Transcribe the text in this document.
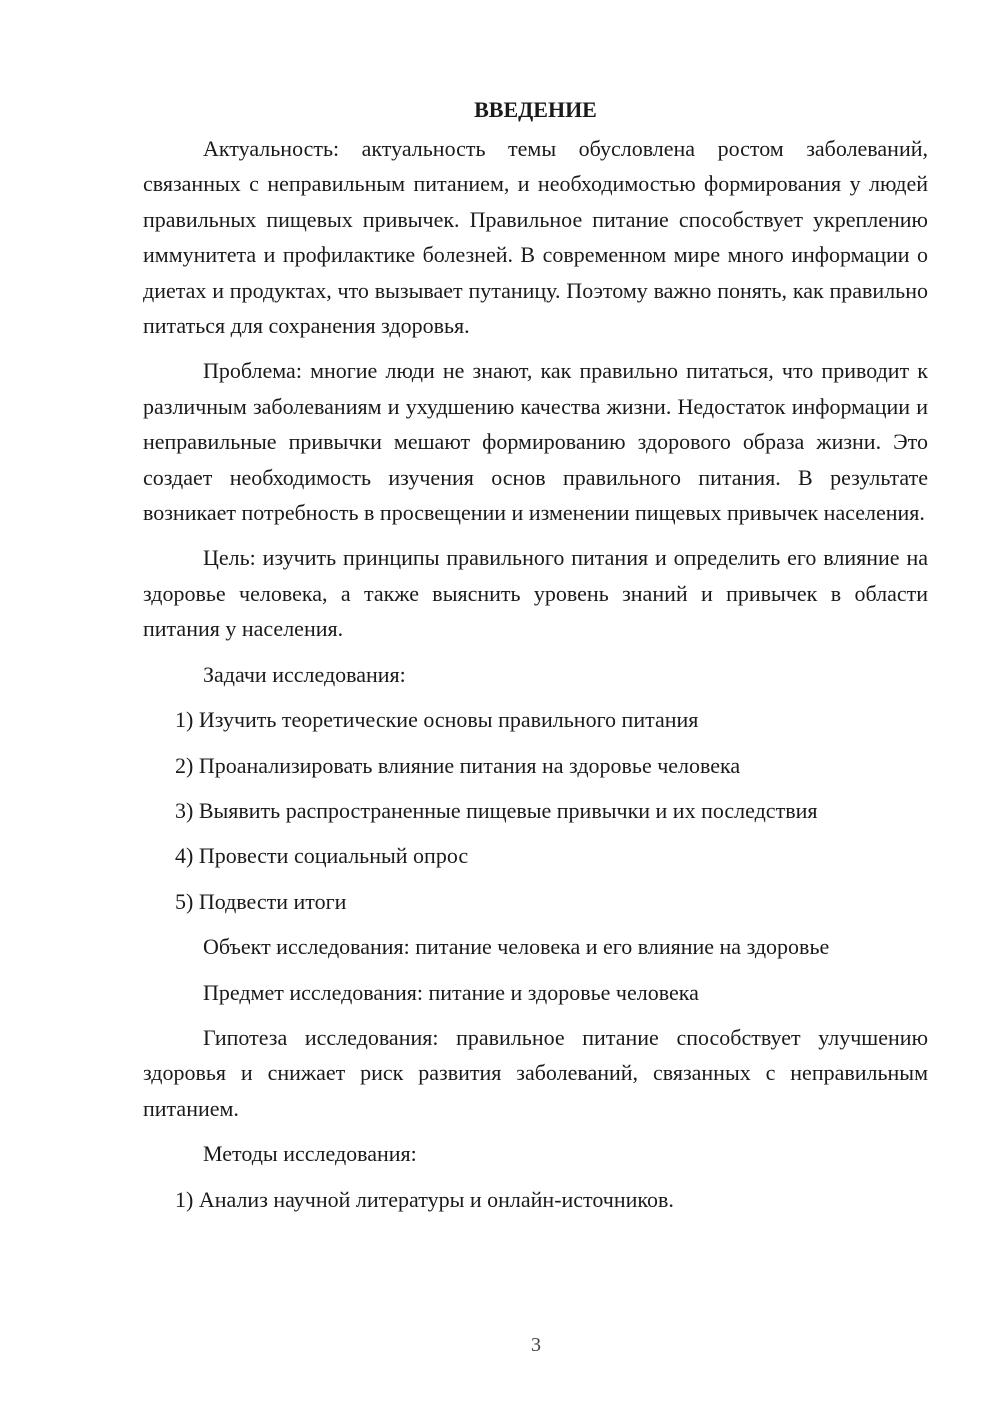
ВВЕДЕНИЕ

Актуальность: актуальность темы обусловлена ростом заболеваний, связанных с неправильным питанием, и необходимостью формирования у людей правильных пищевых привычек. Правильное питание способствует укреплению иммунитета и профилактике болезней. В современном мире много информации о диетах и продуктах, что вызывает путаницу. Поэтому важно понять, как правильно питаться для сохранения здоровья.

Проблема: многие люди не знают, как правильно питаться, что приводит к различным заболеваниям и ухудшению качества жизни. Недостаток информации и неправильные привычки мешают формированию здорового образа жизни. Это создает необходимость изучения основ правильного питания. В результате возникает потребность в просвещении и изменении пищевых привычек населения.

Цель: изучить принципы правильного питания и определить его влияние на здоровье человека, а также выяснить уровень знаний и привычек в области питания у населения.

Задачи исследования:
1) Изучить теоретические основы правильного питания
2) Проанализировать влияние питания на здоровье человека
3) Выявить распространенные пищевые привычки и их последствия
4) Провести социальный опрос
5) Подвести итоги
Объект исследования: питание человека и его влияние на здоровье
Предмет исследования: питание и здоровье человека

Гипотеза исследования: правильное питание способствует улучшению здоровья и снижает риск развития заболеваний, связанных с неправильным питанием.

Методы исследования:
1) Анализ научной литературы и онлайн-источников.
3
